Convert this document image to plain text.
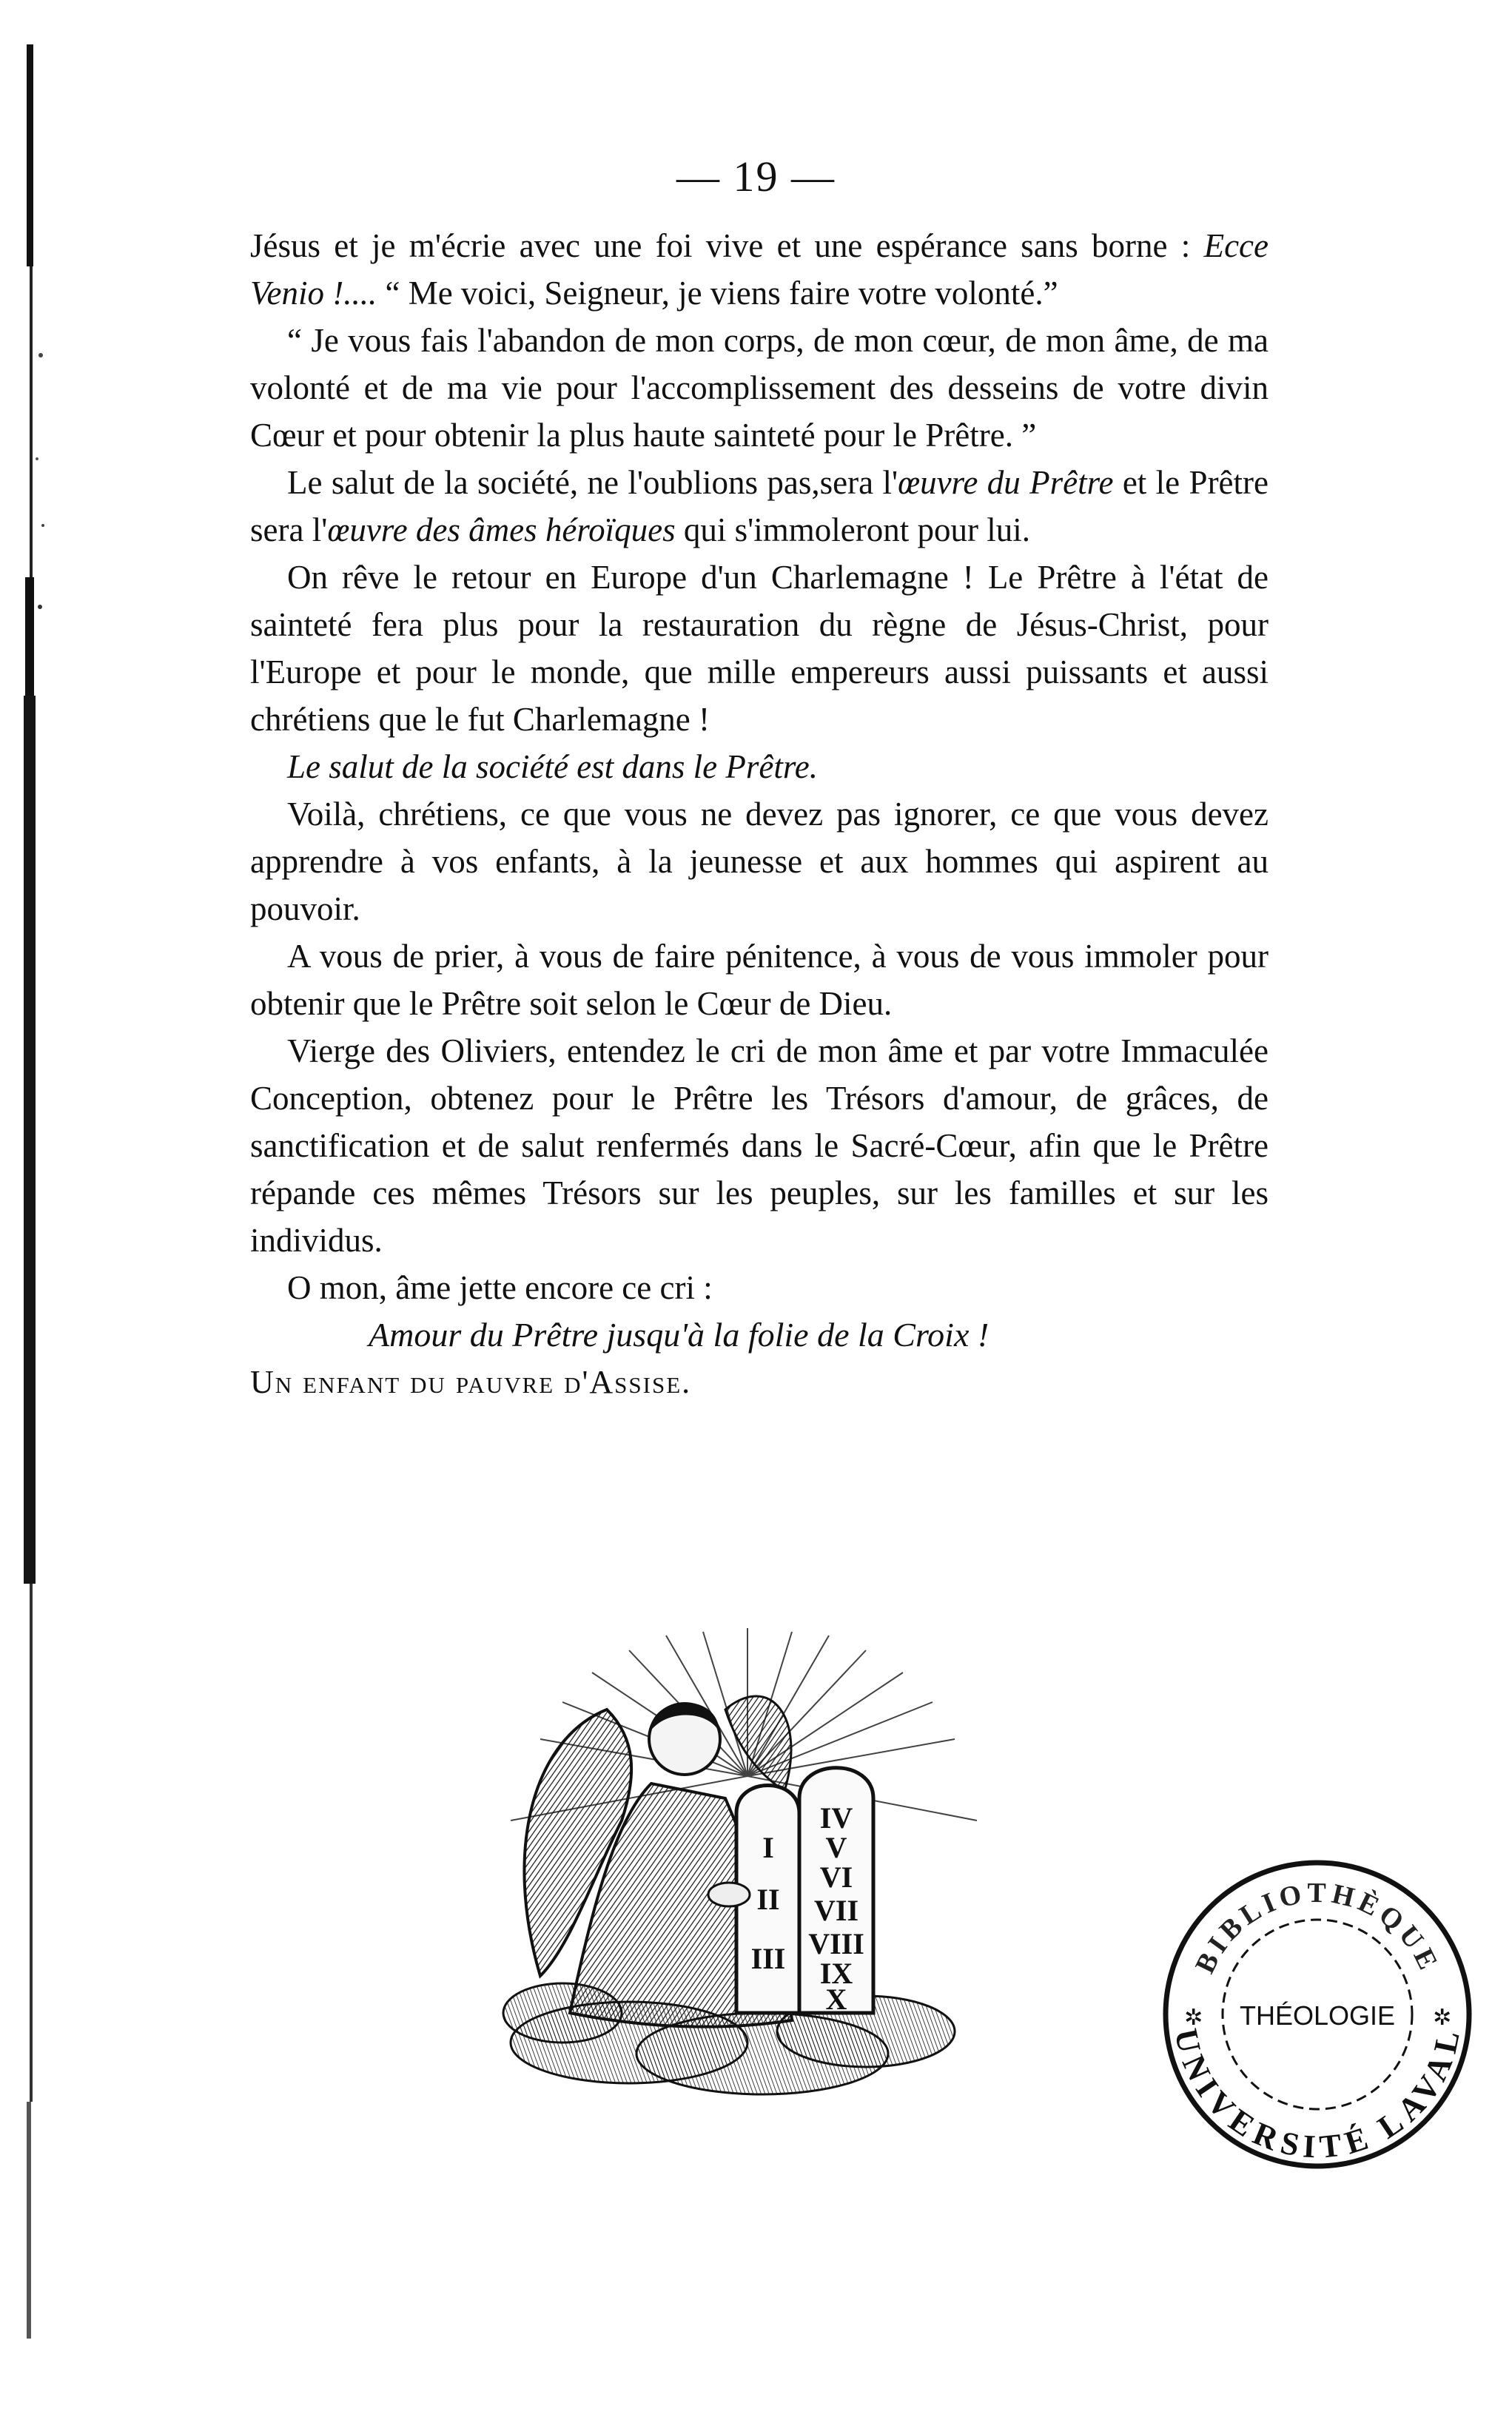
— 19 —

Jésus et je m'écrie avec une foi vive et une espérance sans borne : Ecce Venio !.... “ Me voici, Seigneur, je viens faire votre volonté.”

“ Je vous fais l'abandon de mon corps, de mon cœur, de mon âme, de ma volonté et de ma vie pour l'accomplissement des desseins de votre divin Cœur et pour obtenir la plus haute sainteté pour le Prêtre. ”

Le salut de la société, ne l'oublions pas,sera l'œuvre du Prêtre et le Prêtre sera l'œuvre des âmes héroïques qui s'immoleront pour lui.

On rêve le retour en Europe d'un Charlemagne ! Le Prêtre à l'état de sainteté fera plus pour la restauration du règne de Jésus-Christ, pour l'Europe et pour le monde, que mille empereurs aussi puissants et aussi chrétiens que le fut Charlemagne !

Le salut de la société est dans le Prêtre.

Voilà, chrétiens, ce que vous ne devez pas ignorer, ce que vous devez apprendre à vos enfants, à la jeunesse et aux hommes qui aspirent au pouvoir.

A vous de prier, à vous de faire pénitence, à vous de vous immoler pour obtenir que le Prêtre soit selon le Cœur de Dieu.

Vierge des Oliviers, entendez le cri de mon âme et par votre Immaculée Conception, obtenez pour le Prêtre les Trésors d'amour, de grâces, de sanctification et de salut renfermés dans le Sacré-Cœur, afin que le Prêtre répande ces mêmes Trésors sur les peuples, sur les familles et sur les individus.

O mon, âme jette encore ce cri :

Amour du Prêtre jusqu'à la folie de la Croix !

Un enfant du pauvre d'Assise.

I
II
III
IV
V
VI
VII
VIII
IX
X
BIBLIOTHÈQUE
THÉOLOGIE
UNIVERSITÉ LAVAL
✲	✲
